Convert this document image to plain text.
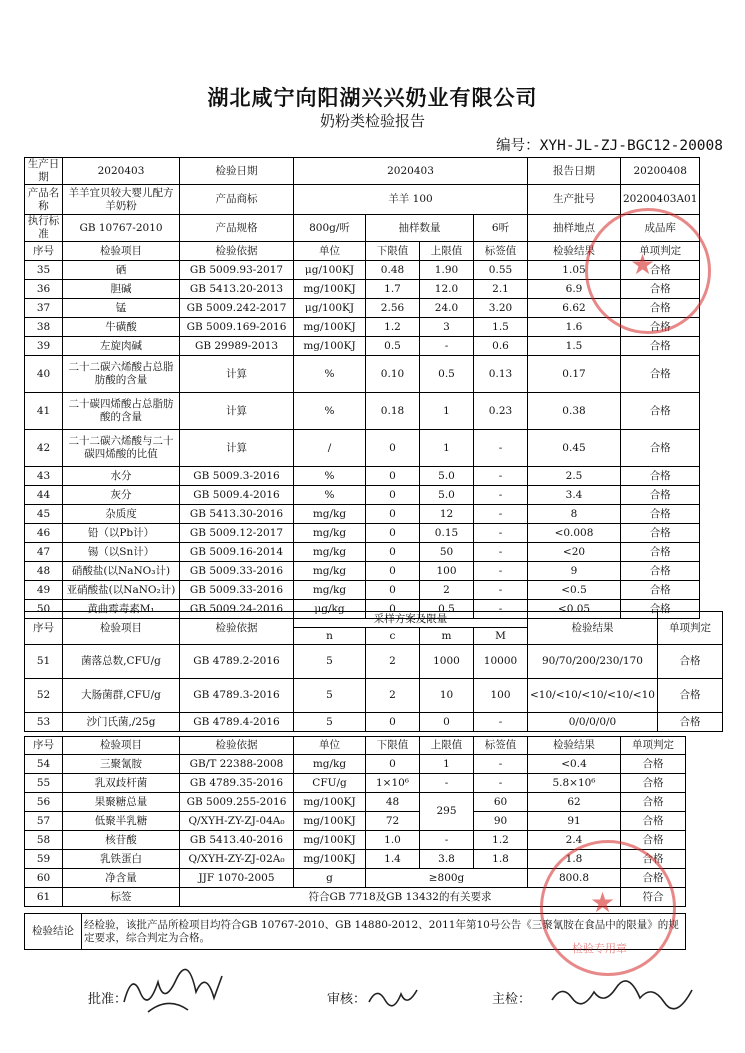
湖北咸宁向阳湖兴兴奶业有限公司
奶粉类检验报告
编号：XYH-JL-ZJ-BGC12-20008
生产日期	2020403	检验日期	2020403				报告日期	20200408
产品名称	羊羊宜贝较大婴儿配方羊奶粉	产品商标	羊羊 100				生产批号	20200403A01
执行标准	GB 10767-2010	产品规格	800g/听	抽样数量		6听	抽样地点	成品库
序号	检验项目	检验依据	单位	下限值	上限值	标签值	检验结果	单项判定
35	硒	GB 5009.93-2017	μg/100KJ	0.48	1.90	0.55	1.05	合格
36	胆碱	GB 5413.20-2013	mg/100KJ	1.7	12.0	2.1	6.9	合格
37	锰	GB 5009.242-2017	μg/100KJ	2.56	24.0	3.20	6.62	合格
38	牛磺酸	GB 5009.169-2016	mg/100KJ	1.2	3	1.5	1.6	合格
39	左旋肉碱	GB 29989-2013	mg/100KJ	0.5	-	0.6	1.5	合格
40	二十二碳六烯酸占总脂肪酸的含量	计算	%	0.10	0.5	0.13	0.17	合格
41	二十碳四烯酸占总脂肪酸的含量	计算	%	0.18	1	0.23	0.38	合格
42	二十二碳六烯酸与二十碳四烯酸的比值	计算	/	0	1	-	0.45	合格
43	水分	GB 5009.3-2016	%	0	5.0	-	2.5	合格
44	灰分	GB 5009.4-2016	%	0	5.0	-	3.4	合格
45	杂质度	GB 5413.30-2016	mg/kg	0	12	-	8	合格
46	铅（以Pb计）	GB 5009.12-2017	mg/kg	0	0.15	-	<0.008	合格
47	锡（以Sn计）	GB 5009.16-2014	mg/kg	0	50	-	<20	合格
48	硝酸盐(以NaNO₃计)	GB 5009.33-2016	mg/kg	0	100	-	9	合格
49	亚硝酸盐(以NaNO₂计)	GB 5009.33-2016	mg/kg	0	2	-	<0.5	合格
50	黄曲霉毒素M₁	GB 5009.24-2016	μg/kg	0	0.5	-	<0.05	合格
序号	检验项目	检验依据	采样方案及限量				检验结果	单项判定
			n	c	m	M		
51	菌落总数,CFU/g	GB 4789.2-2016	5	2	1000	10000	90/70/200/230/170	合格
52	大肠菌群,CFU/g	GB 4789.3-2016	5	2	10	100	<10/<10/<10/<10/<10	合格
53	沙门氏菌,/25g	GB 4789.4-2016	5	0	0	-	0/0/0/0/0	合格
序号	检验项目	检验依据	单位	下限值	上限值	标签值	检验结果	单项判定
54	三聚氰胺	GB/T 22388-2008	mg/kg	0	1	-	<0.4	合格
55	乳双歧杆菌	GB 4789.35-2016	CFU/g	1×10⁶	-	-	5.8×10⁶	合格
56	果聚糖总量	GB 5009.255-2016	mg/100KJ	48	295	60	62	合格
57	低聚半乳糖	Q/XYH-ZY-ZJ-04A₀	mg/100KJ	72		90	91	合格
58	核苷酸	GB 5413.40-2016	mg/100KJ	1.0	-	1.2	2.4	合格
59	乳铁蛋白	Q/XYH-ZY-ZJ-02A₀	mg/100KJ	1.4	3.8	1.8	1.8	合格
60	净含量	JJF 1070-2005	g	≥800g			800.8	合格
61	标签	符合GB 7718及GB 13432的有关要求						符合
检验结论	经检验，该批产品所检项目均符合GB 10767-2010、GB 14880-2012、2011年第10号公告《三聚氰胺在食品中的限量》的规定要求，综合判定为合格。
批准：	审核：	主检：
★
★
检验专用章
